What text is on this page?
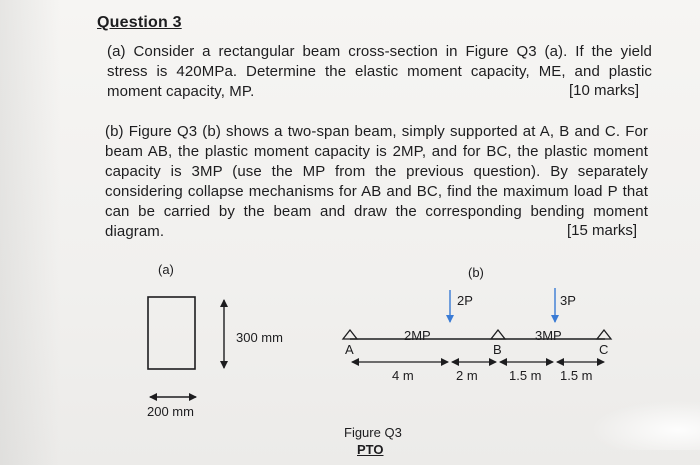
Question 3
(a) Consider a rectangular beam cross-section in Figure Q3 (a). If the yield stress is 420MPa. Determine the elastic moment capacity, ME, and plastic moment capacity, MP.	[10 marks]
(b) Figure Q3 (b) shows a two-span beam, simply supported at A, B and C. For beam AB, the plastic moment capacity is 2MP, and for BC, the plastic moment capacity is 3MP (use the MP from the previous question). By separately considering collapse mechanisms for AB and BC, find the maximum load P that can be carried by the beam and draw the corresponding bending moment diagram.	[15 marks]
(a)
300 mm
200 mm
(b)
2P	3P
2MP	3MP
A	B	C
4 m	2 m 1.5 m 1.5 m
Figure Q3
PTO
